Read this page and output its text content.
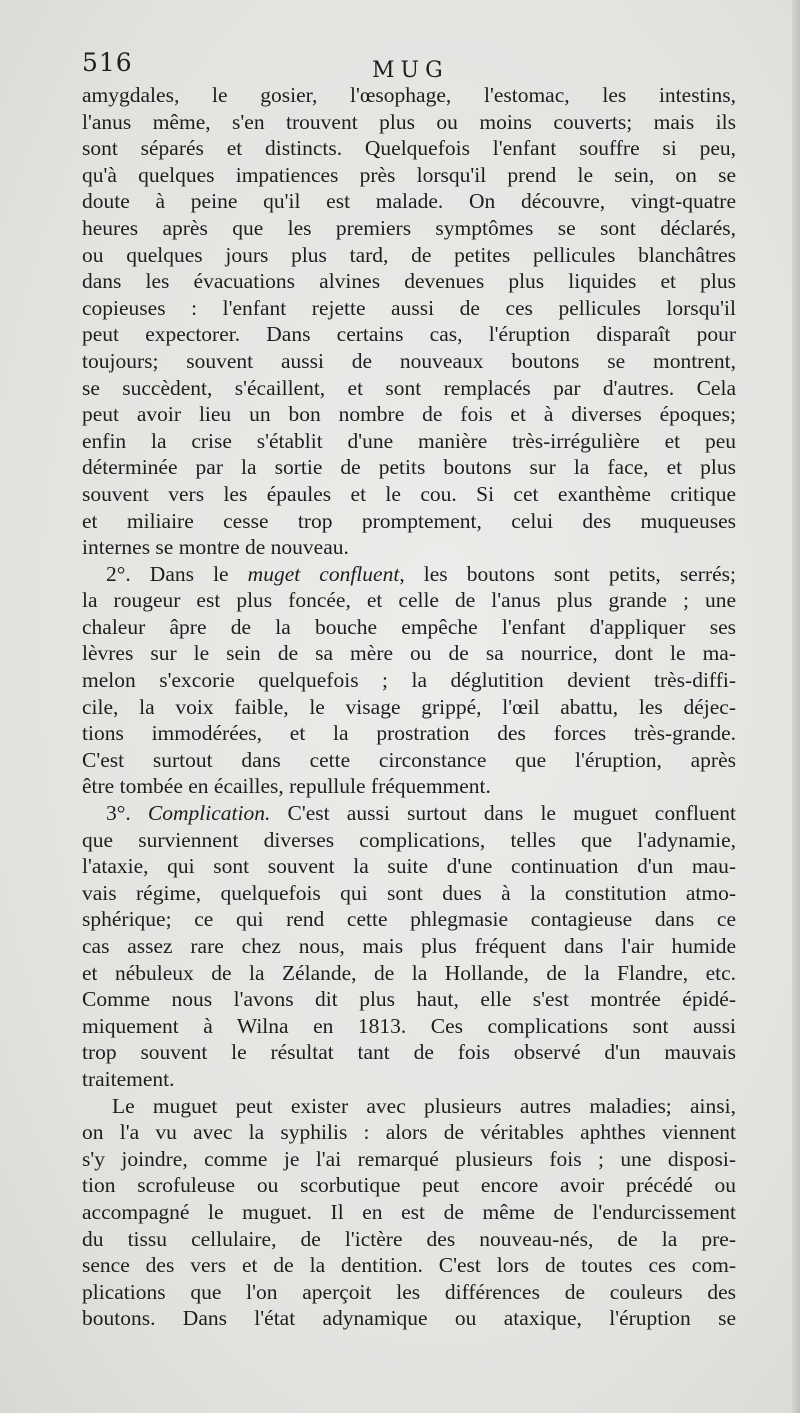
516	MUG
amygdales, le gosier, l'œsophage, l'estomac, les intestins,
l'anus même, s'en trouvent plus ou moins couverts; mais ils
sont séparés et distincts. Quelquefois l'enfant souffre si peu,
qu'à quelques impatiences près lorsqu'il prend le sein, on se
doute à peine qu'il est malade. On découvre, vingt-quatre
heures après que les premiers symptômes se sont déclarés,
ou quelques jours plus tard, de petites pellicules blanchâtres
dans les évacuations alvines devenues plus liquides et plus
copieuses : l'enfant rejette aussi de ces pellicules lorsqu'il
peut expectorer. Dans certains cas, l'éruption disparaît pour
toujours; souvent aussi de nouveaux boutons se montrent,
se succèdent, s'écaillent, et sont remplacés par d'autres. Cela
peut avoir lieu un bon nombre de fois et à diverses époques;
enfin la crise s'établit d'une manière très-irrégulière et peu
déterminée par la sortie de petits boutons sur la face, et plus
souvent vers les épaules et le cou. Si cet exanthème critique
et miliaire cesse trop promptement, celui des muqueuses
internes se montre de nouveau.
2°. Dans le muget confluent, les boutons sont petits, serrés;
la rougeur est plus foncée, et celle de l'anus plus grande ; une
chaleur âpre de la bouche empêche l'enfant d'appliquer ses
lèvres sur le sein de sa mère ou de sa nourrice, dont le ma-
melon s'excorie quelquefois ; la déglutition devient très-diffi-
cile, la voix faible, le visage grippé, l'œil abattu, les déjec-
tions immodérées, et la prostration des forces très-grande.
C'est surtout dans cette circonstance que l'éruption, après
être tombée en écailles, repullule fréquemment.
3°. Complication. C'est aussi surtout dans le muguet confluent
que surviennent diverses complications, telles que l'adynamie,
l'ataxie, qui sont souvent la suite d'une continuation d'un mau-
vais régime, quelquefois qui sont dues à la constitution atmo-
sphérique; ce qui rend cette phlegmasie contagieuse dans ce
cas assez rare chez nous, mais plus fréquent dans l'air humide
et nébuleux de la Zélande, de la Hollande, de la Flandre, etc.
Comme nous l'avons dit plus haut, elle s'est montrée épidé-
miquement à Wilna en 1813. Ces complications sont aussi
trop souvent le résultat tant de fois observé d'un mauvais
traitement.
Le muguet peut exister avec plusieurs autres maladies; ainsi,
on l'a vu avec la syphilis : alors de véritables aphthes viennent
s'y joindre, comme je l'ai remarqué plusieurs fois ; une disposi-
tion scrofuleuse ou scorbutique peut encore avoir précédé ou
accompagné le muguet. Il en est de même de l'endurcissement
du tissu cellulaire, de l'ictère des nouveau-nés, de la pre-
sence des vers et de la dentition. C'est lors de toutes ces com-
plications que l'on aperçoit les différences de couleurs des
boutons. Dans l'état adynamique ou ataxique, l'éruption se
